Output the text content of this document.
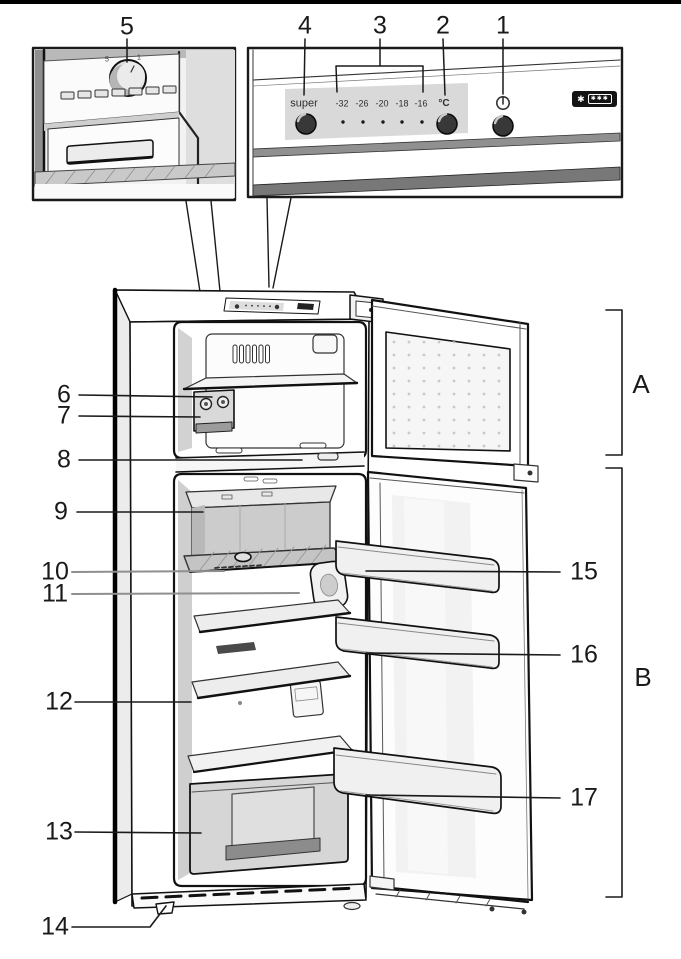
5	4 3 2 1
6
7
8
9
10
11
12
13
14
15
16
17
A
B
super -32 -26 -20 -18 -16 °C	✱	✱✱✱
5	1
